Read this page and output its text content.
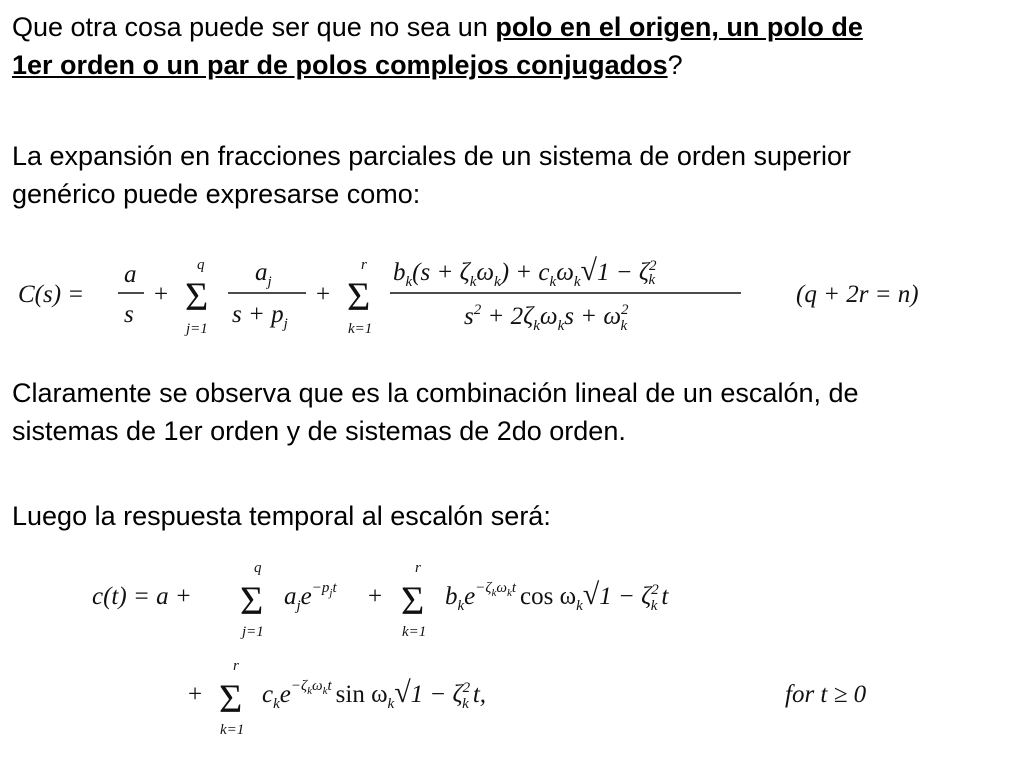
Que otra cosa puede ser que no sea un polo en el origen, un polo de
1er orden o un par de polos complejos conjugados?

La expansión en fracciones parciales de un sistema de orden superior
genérico puede expresarse como:

C(s) =
a
s
+
q
Σ
j=1
$a_j$
$s + p_j$
+
r
Σ
k=1
$b_k(s + \zeta_k\omega_k) + c_k\omega_k√1 - \zeta^2$ k
$s^2 + 2\zeta_k\omega_ks + \omega^2$ k
(q + 2r = n)

Claramente se observa que es la combinación lineal de un escalón, de
sistemas de 1er orden y de sistemas de 2do orden.

Luego la respuesta temporal al escalón será:

c(t) = a +
q
Σ
j=1
$a_je^{-p}jt$ +
r
Σ
k=1
$b_ke^{-\zeta}k\omega kt$ $\cos \omega_k√1 - \zeta^2$ k t
+
r
Σ
k=1
$c_ke^{-\zeta}k\omega kt$ $\sin \omega_k√1 - \zeta^2$ k t,	for t ≥ 0
